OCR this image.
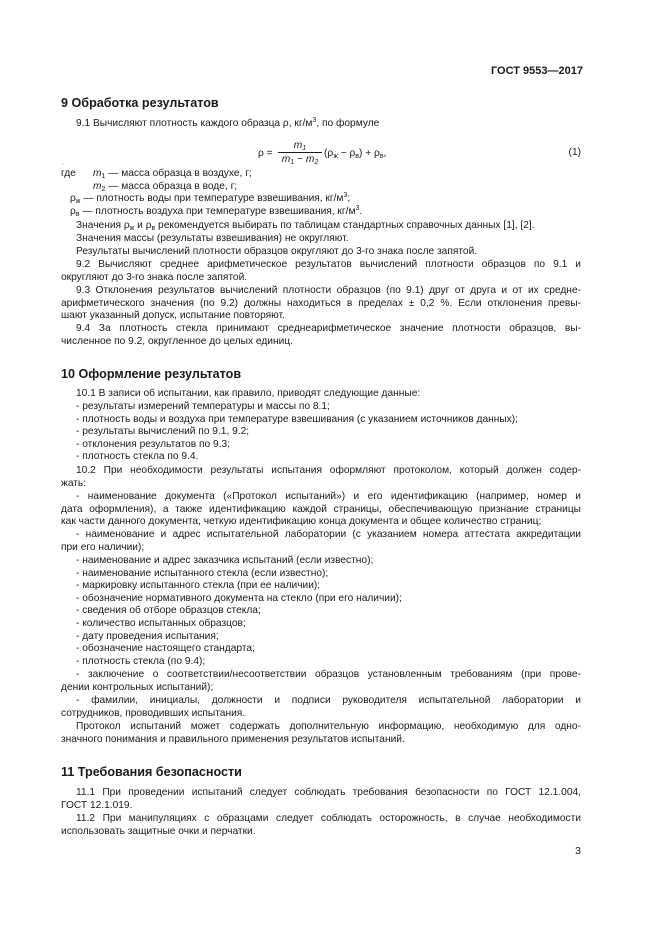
ГОСТ 9553—2017
9 Обработка результатов
9.1 Вычисляют плотность каждого образца ρ, $кг/м^3$, по формуле
$\rho = \frac{m_1}{m_1 - m_2} (\rho_ж - \rho_в) + \rho_в$,	(1)
,
где $m_1$ — масса образца в воздухе, г;
$m_2$ — масса образца в воде, г;
$\rho_ж$ — плотность воды при температуре взвешивания, $кг/м^3$;
$\rho_в$ — плотность воздуха при температуре взвешивания, $кг/м^3$.
Значения $\rho_ж$ и $\rho_в$ рекомендуется выбирать по таблицам стандартных справочных данных [1], [2].
Значения массы (результаты взвешивания) не округляют.
Результаты вычислений плотности образцов округляют до 3-го знака после запятой.
9.2 Вычисляют среднее арифметическое результатов вычислений плотности образцов по 9.1 и
округляют до 3-го знака после запятой.
9.3 Отклонения результатов вычислений плотности образцов (по 9.1) друг от друга и от их средне-
арифметического значения (по 9.2) должны находиться в пределах ± 0,2 %. Если отклонения превы-
шают указанный допуск, испытание повторяют.
9.4 За плотность стекла принимают среднеарифметическое значение плотности образцов, вы-
численное по 9.2, округленное до целых единиц.
10 Оформление результатов
10.1 В записи об испытании, как правило, приводят следующие данные:
- результаты измерений температуры и массы по 8.1;
- плотность воды и воздуха при температуре взвешивания (с указанием источников данных);
- результаты вычислений по 9.1, 9.2;
- отклонения результатов по 9.3;
- плотность стекла по 9.4.
10.2 При необходимости результаты испытания оформляют протоколом, который должен содер-
жать:
- наименование документа («Протокол испытаний») и его идентификацию (например, номер и
дата оформления), а также идентификацию каждой страницы, обеспечивающую признание страницы
как части данного документа, четкую идентификацию конца документа и общее количество страниц;
- наименование и адрес испытательной лаборатории (с указанием номера аттестата аккредитации
при его наличии);
- наименование и адрес заказчика испытаний (если известно);
- наименование испытанного стекла (если известно);
- маркировку испытанного стекла (при ее наличии);
- обозначение нормативного документа на стекло (при его наличии);
- сведения об отборе образцов стекла;
- количество испытанных образцов;
- дату проведения испытания;
- обозначение настоящего стандарта;
- плотность стекла (по 9.4);
- заключение о соответствии/несоответствии образцов установленным требованиям (при прове-
дении контрольных испытаний);
- фамилии, инициалы, должности и подписи руководителя испытательной лаборатории и
сотрудников, проводивших испытания.
Протокол испытаний может содержать дополнительную информацию, необходимую для одно-
значного понимания и правильного применения результатов испытаний.
11 Требования безопасности
11.1 При проведении испытаний следует соблюдать требования безопасности по ГОСТ 12.1.004,
ГОСТ 12.1.019.
11.2 При манипуляциях с образцами следует соблюдать осторожность, в случае необходимости
использовать защитные очки и перчатки.
3
